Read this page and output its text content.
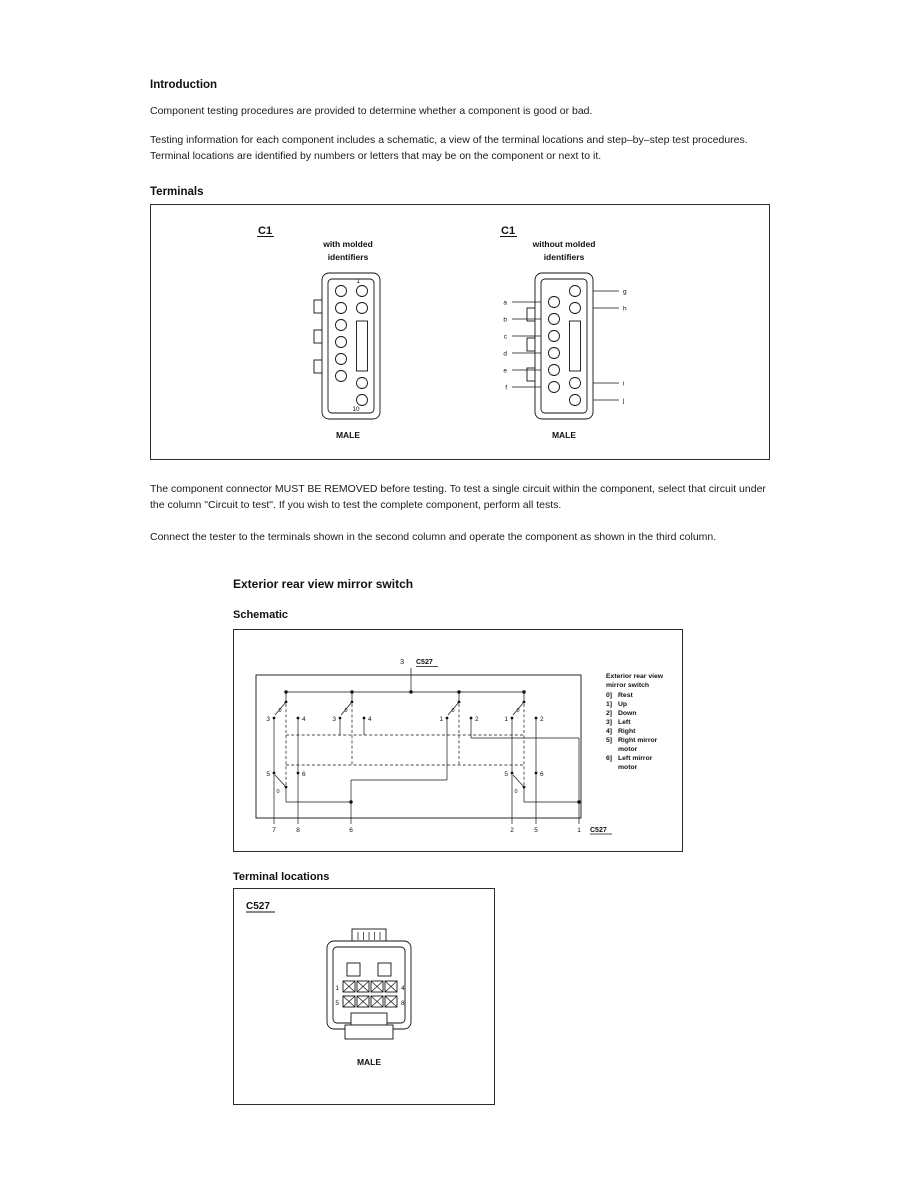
Introduction
Component testing procedures are provided to determine whether a component is good or bad.
Testing information for each component includes a schematic, a view of the terminal locations and step–by–step test procedures. Terminal locations are identified by numbers or letters that may be on the component or next to it.
Terminals
C1
with molded
identifiers
1
10
MALE
C1
without molded
identifiers
a
b
c
d
e
f
g
h
i
j
MALE
The component connector MUST BE REMOVED before testing. To test a single circuit within the component, select that circuit under the column "Circuit to test". If you wish to test the complete component, perform all tests.
Connect the tester to the terminals shown in the second column and operate the component as shown in the third column.
Exterior rear view mirror switch
Schematic
3 C527
3	4
0
3	4
0
1	2
0
1	2
0
5	6
0
5	6
0
7	8	6	2	5	1 C527
Exterior rear view
mirror switch
0] Rest
1] Up
2] Down
3] Left
4] Right
5] Right mirror
motor
6] Left mirror
motor
Terminal locations
C527
1	4
5	8
MALE
